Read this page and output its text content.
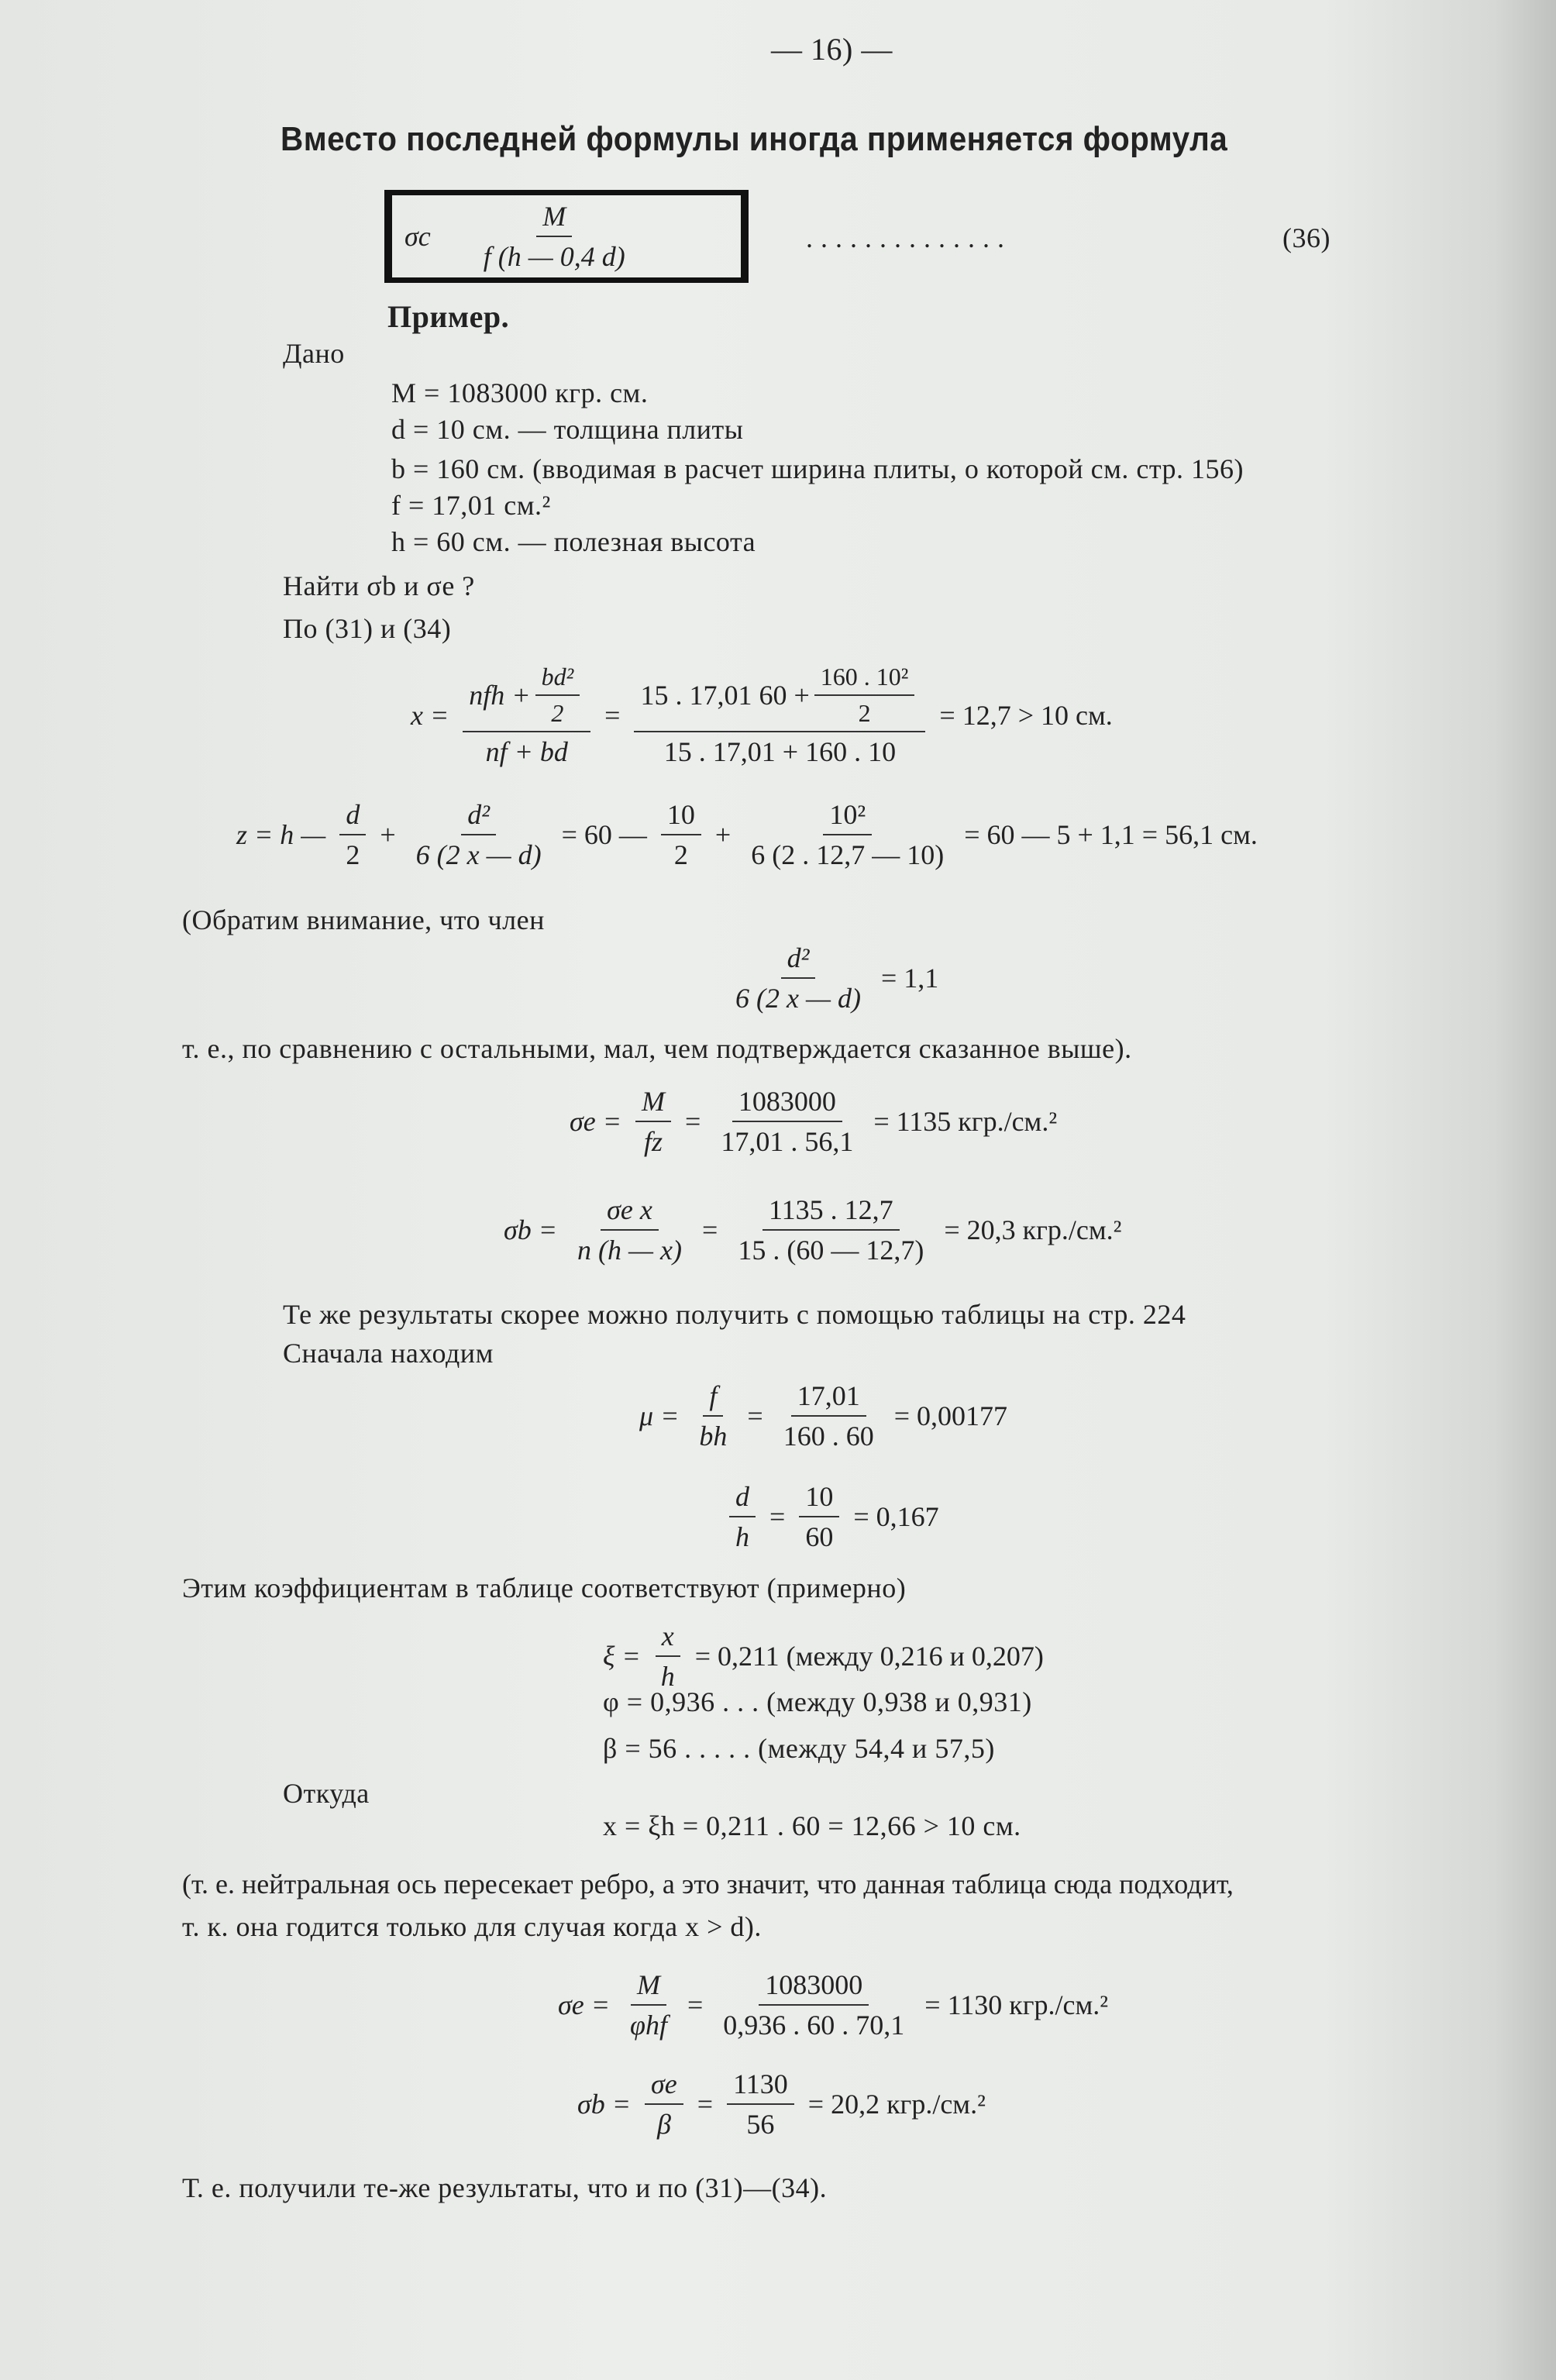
— 16) —
Вместо последней формулы иногда применяется формула
σc $\frac{M}{f (h — 0,4 d)}$	. . . . . . . . . . . . . .	(36)
Пример.
Дано
M = 1083000 кгр. см.
d = 10 см. — толщина плиты
b = 160 см. (вводимая в расчет ширина плиты, о которой см. стр. 156)
f = 17,01 см.²
h = 60 см. — полезная высота
Найти σb и σe ?
По (31) и (34)
$x = \frac{nfh + \frac{\text{bd²}}{2}}{nf + bd} = \frac{15 . 17,01 60 + \frac{\text{160 . 10²}}{2}}{15 . 17,01 + 160 . 10} = 12,7 > 10$ см.
z = h — $\frac{d}{2} + \frac{\text{d²}}{6 (2 x — d)} = 60$ — $\frac{10}{2} + \frac{\text{10²}}{6 (2 . 12,7 — 10)} = 60$ — 5 + 1,1 = 56,1 см.
(Обратим внимание, что член
$\frac{\text{d²}}{6 (2 x — d)} = 1,1$
т. е., по сравнению с остальными, мал, чем подтверждается сказанное выше).
$\sigma e = \frac{M}{fz} = \frac{1083000}{17,01 . 56,1} = 1135$ кгр./см.²
$\sigma b = \frac{\text{σe x}}{n (h — x)} = \frac{1135 . 12,7}{15 . (60 — 12,7)} = 20,3$ кгр./см.²
Те же результаты скорее можно получить с помощью таблицы на стр. 224
Сначала находим
$\mu = \frac{f}{bh} = \frac{17,01}{160 . 60} = 0,00177$
$\frac{d}{h} = \frac{10}{60} = 0,167$
Этим коэффициентам в таблице соответствуют (примерно)
$\xi = \frac{x}{h} = 0,211$ (между 0,216 и 0,207)
φ = 0,936 . . . (между 0,938 и 0,931)
β = 56 . . . . . (между 54,4 и 57,5)
Откуда
x = ξh = 0,211 . 60 = 12,66 > 10 см.
(т. е. нейтральная ось пересекает ребро, а это значит, что данная таблица сюда подходит,
т. к. она годится только для случая когда x > d).
$\sigma e = \frac{M}{\text{φhf}} = \frac{1083000}{0,936 . 60 . 70,1} = 1130$ кгр./см.²
$\sigma b = \frac{\sigma e}{\beta} = \frac{1130}{56} = 20,2$ кгр./см.²
Т. е. получили те-же результаты, что и по (31)—(34).
